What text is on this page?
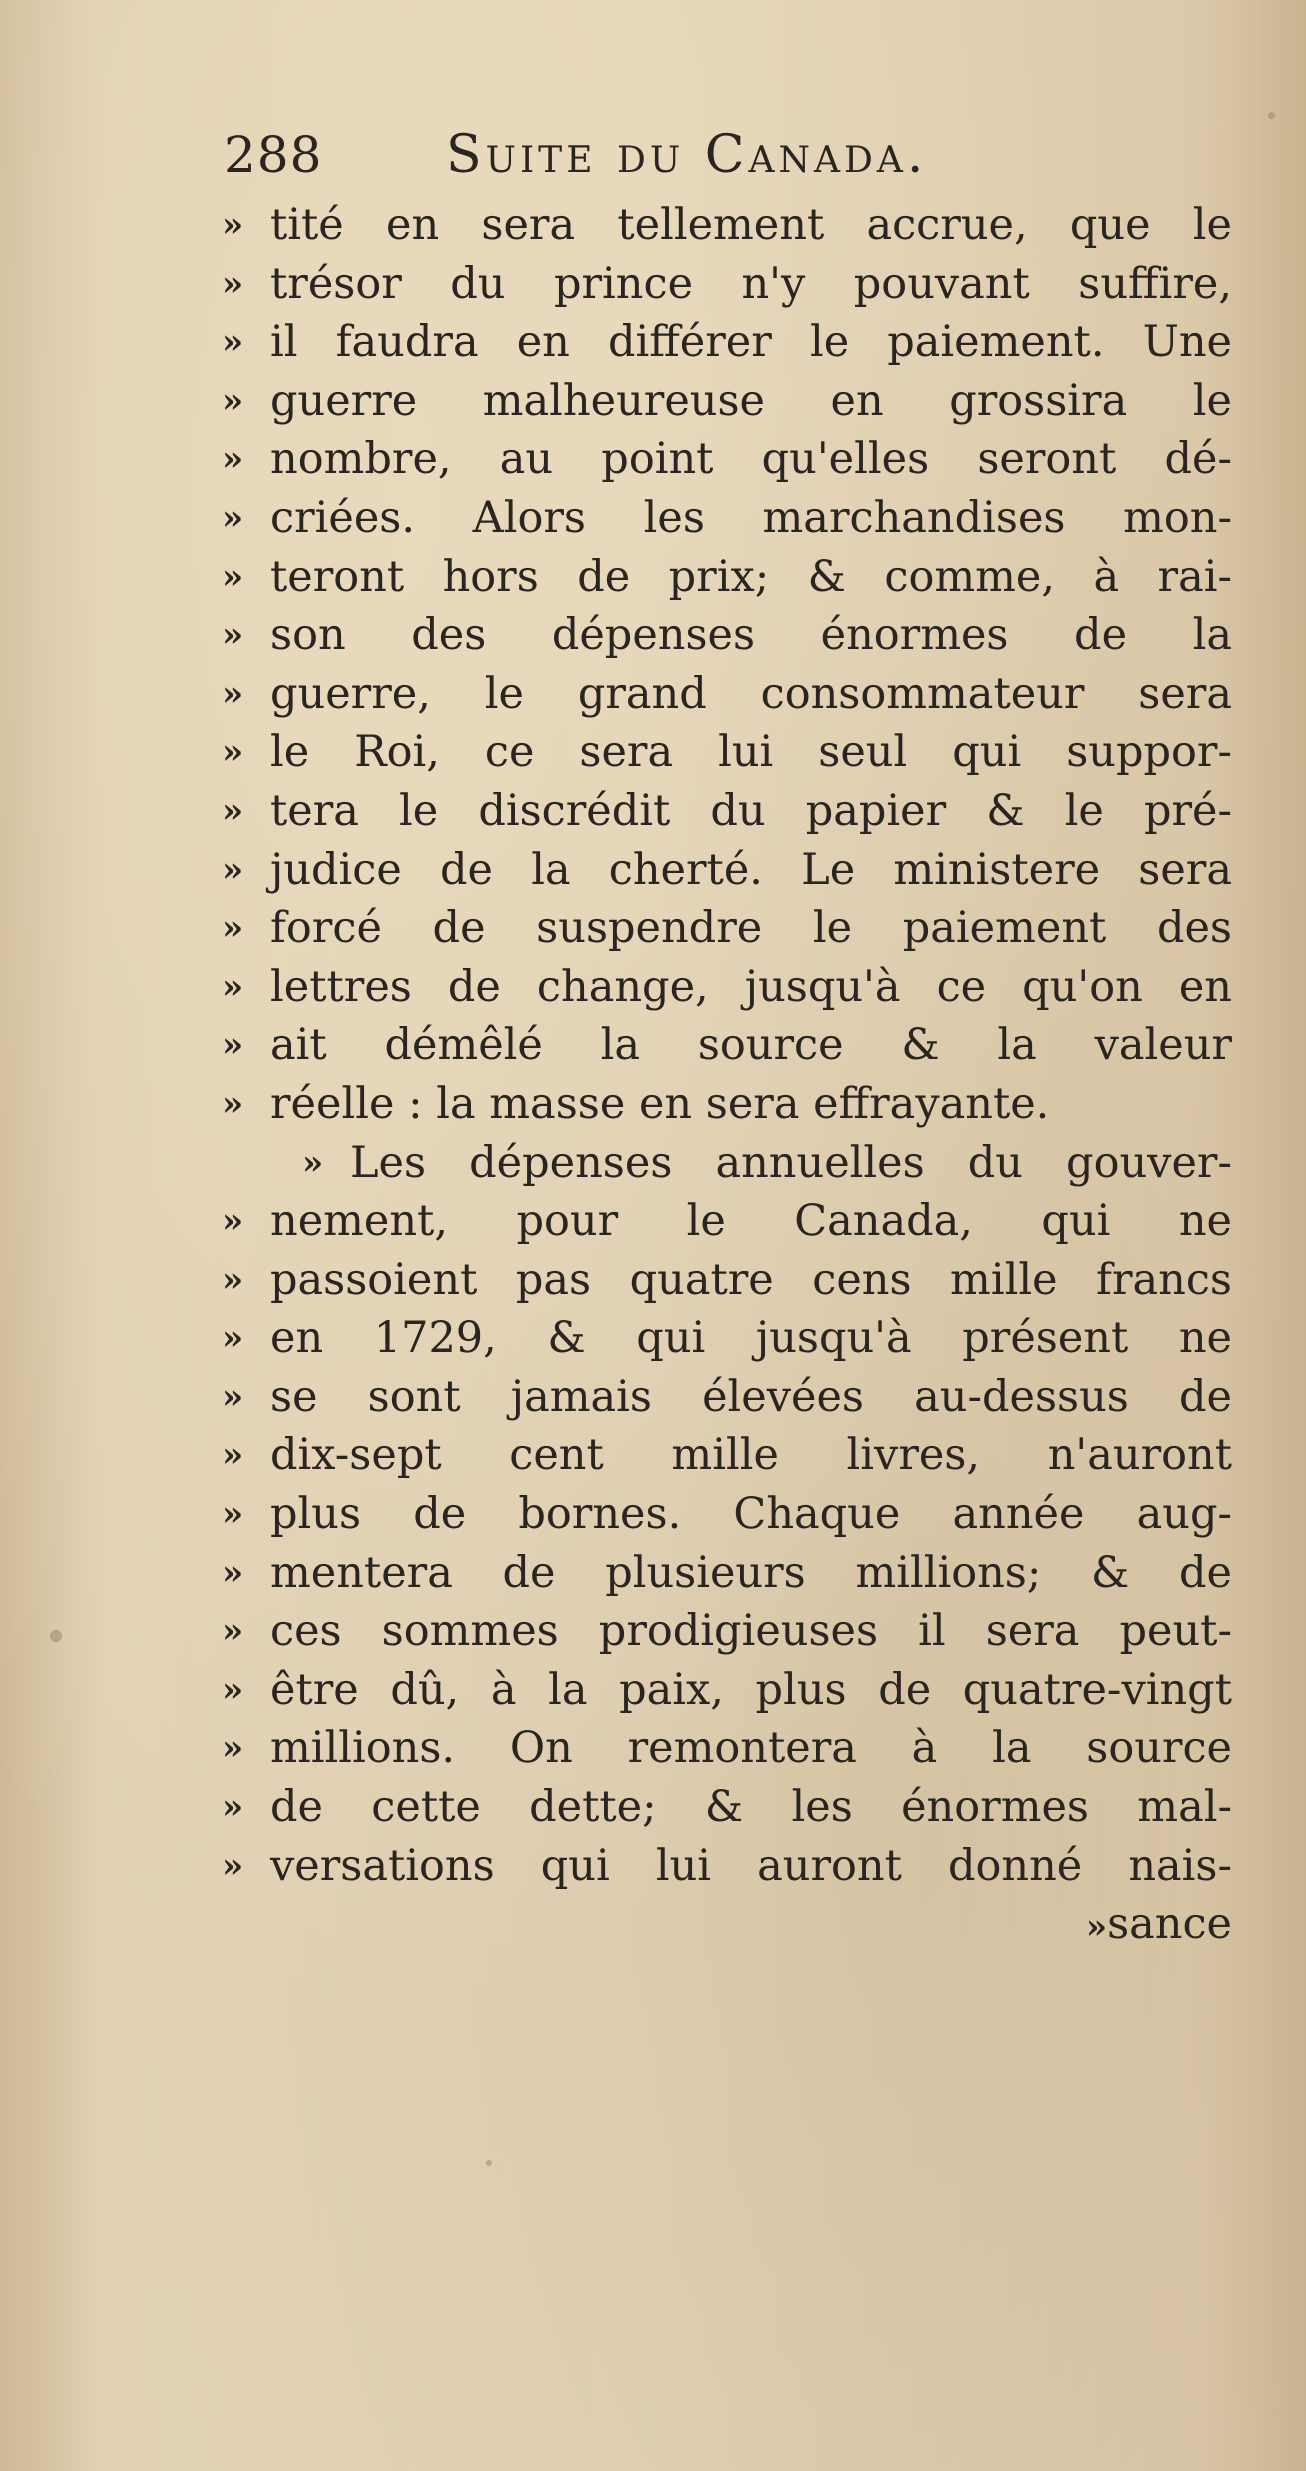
288 Suite du Canada.
» tité en sera tellement accrue, que le
» trésor du prince n'y pouvant suffire,
» il faudra en différer le paiement. Une
» guerre malheureuse en grossira le
» nombre, au point qu'elles seront dé-
» criées. Alors les marchandises mon-
» teront hors de prix; & comme, à rai-
» son des dépenses énormes de la
» guerre, le grand consommateur sera
» le Roi, ce sera lui seul qui suppor-
» tera le discrédit du papier & le pré-
» judice de la cherté. Le ministere sera
» forcé de suspendre le paiement des
» lettres de change, jusqu'à ce qu'on en
» ait démêlé la source & la valeur
» réelle : la masse en sera effrayante.
» Les dépenses annuelles du gouver-
» nement, pour le Canada, qui ne
» passoient pas quatre cens mille francs
» en 1729, & qui jusqu'à présent ne
» se sont jamais élevées au-dessus de
» dix-sept cent mille livres, n'auront
» plus de bornes. Chaque année aug-
» mentera de plusieurs millions; & de
» ces sommes prodigieuses il sera peut-
» être dû, à la paix, plus de quatre-vingt
» millions. On remontera à la source
» de cette dette; & les énormes mal-
» versations qui lui auront donné nais-
»sance
